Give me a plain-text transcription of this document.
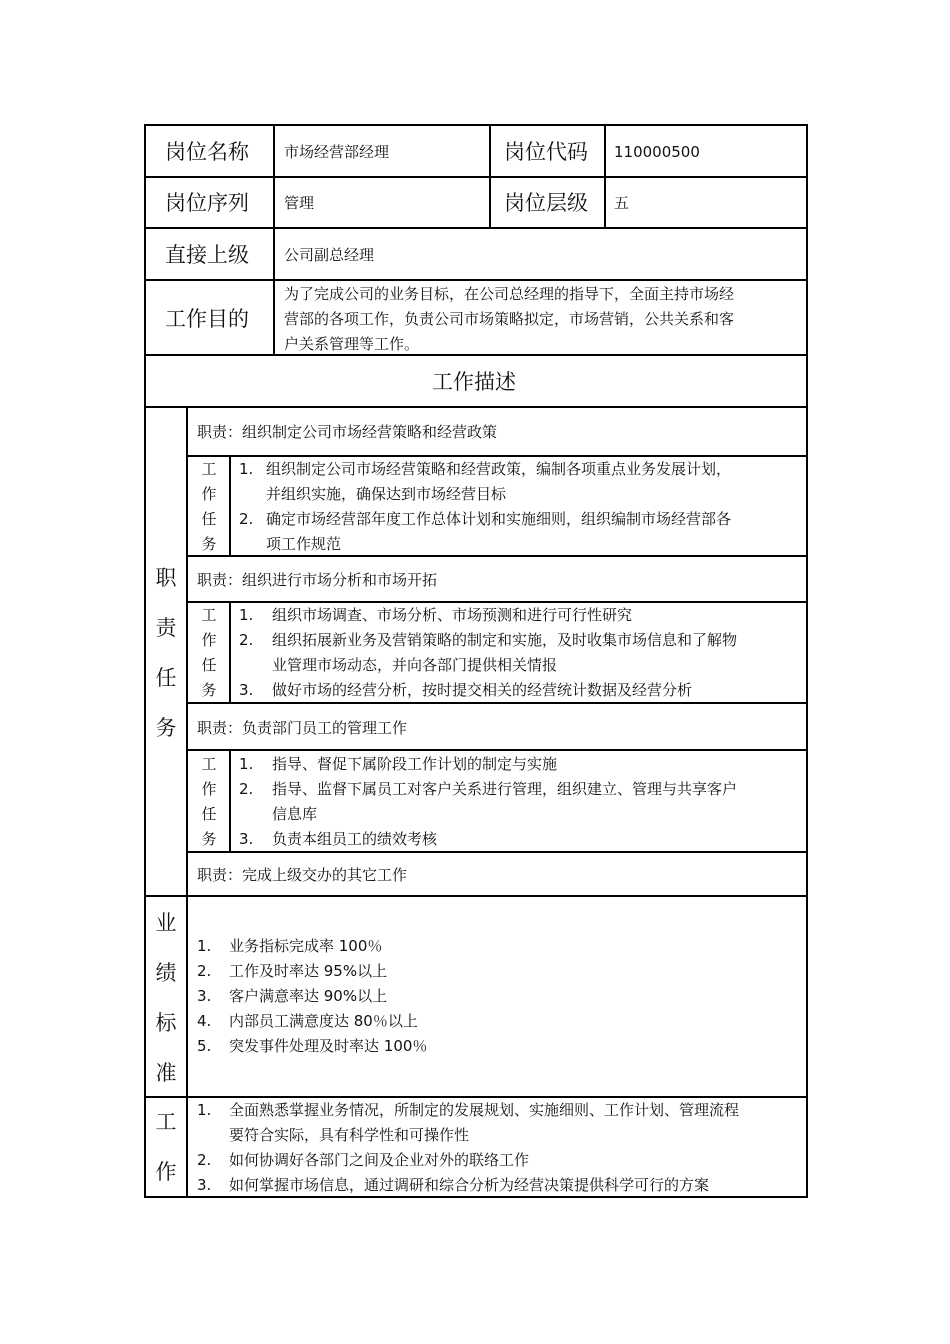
岗位名称 市场经营部经理	岗位代码 110000500
岗位序列 管理	岗位层级 五
直接上级 公司副总经理
工作目的
为了完成公司的业务目标，在公司总经理的指导下，全面主持市场经
营部的各项工作，负责公司市场策略拟定，市场营销，公共关系和客
户关系管理等工作。
工作描述
职
责
任
务
职责：组织制定公司市场经营策略和经营政策
工
作
任
务
1. 组织制定公司市场经营策略和经营政策，编制各项重点业务发展计划，
并组织实施，确保达到市场经营目标
2. 确定市场经营部年度工作总体计划和实施细则，组织编制市场经营部各
项工作规范
职责：组织进行市场分析和市场开拓
工
作
任
务
1. 组织市场调查、市场分析、市场预测和进行可行性研究
2. 组织拓展新业务及营销策略的制定和实施，及时收集市场信息和了解物
业管理市场动态，并向各部门提供相关情报
3. 做好市场的经营分析，按时提交相关的经营统计数据及经营分析
职责：负责部门员工的管理工作
工
作
任
务
1. 指导、督促下属阶段工作计划的制定与实施
2. 指导、监督下属员工对客户关系进行管理，组织建立、管理与共享客户
信息库
3. 负责本组员工的绩效考核
职责：完成上级交办的其它工作
业
绩
标
准
1. 业务指标完成率 100％
2. 工作及时率达 95%以上
3. 客户满意率达 90%以上
4. 内部员工满意度达 80％以上
5. 突发事件处理及时率达 100％
工
作
1. 全面熟悉掌握业务情况，所制定的发展规划、实施细则、工作计划、管理流程
要符合实际，具有科学性和可操作性
2. 如何协调好各部门之间及企业对外的联络工作
3. 如何掌握市场信息，通过调研和综合分析为经营决策提供科学可行的方案
